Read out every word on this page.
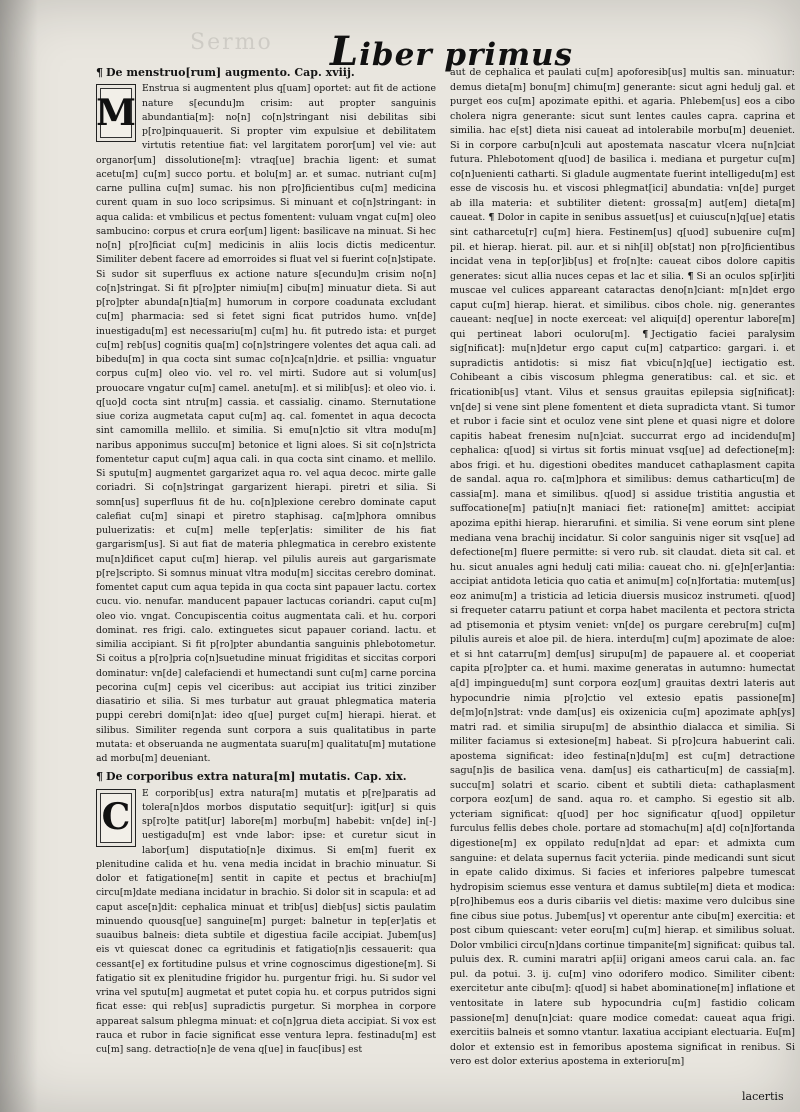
Sermo	Liber primus
¶ De menstruo[rum] augmento. Cap. xviij.
M

Enstrua si augmentent plus q[uam] oportet: aut fit de actione nature s[ecundu]m crisim: aut propter sanguinis abundantia[m]: no[n] co[n]stringant nisi debilitas sibi p[ro]pinquauerit. Si propter vim expulsiue et debilitatem virtutis retentiue fiat: vel largitatem poror[um] vel vie: aut organor[um] dissolutione[m]: vtraq[ue] brachia ligent: et sumat acetu[m] cu[m] succo portu. et bolu[m] ar. et sumac. nutriant cu[m] carne pullina cu[m] sumac. his non p[ro]ficientibus cu[m] medicina curent quam in suo loco scripsimus. Si minuant et co[n]stringant: in aqua calida: et vmbilicus et pectus fomentent: vuluam vngat cu[m] oleo sambucino: corpus et crura eor[um] ligent: basilicave na minuat. Si hec no[n] p[ro]ficiat cu[m] medicinis in aliis locis dictis medicentur. Similiter debent facere ad emorroides si fluat vel si fuerint co[n]stipate. Si sudor sit superfluus ex actione nature s[ecundu]m crisim no[n] co[n]stringat. Si fit p[ro]pter nimiu[m] cibu[m] minuatur dieta. Si aut p[ro]pter abunda[n]tia[m] humorum in corpore coadunata excludant cu[m] pharmacia: sed si fetet signi ficat putridos humo. vn[de] inuestigadu[m] est necessariu[m] cu[m] hu. fit putredo ista: et purget cu[m] reb[us] cognitis qua[m] co[n]stringere volentes det aqua cali. ad bibedu[m] in qua cocta sint sumac co[n]ca[n]drie. et psillia: vnguatur corpus cu[m] oleo vio. vel ro. vel mirti. Sudore aut si volum[us] prouocare vngatur cu[m] camel. anetu[m]. et si milib[us]: et oleo vio. i. q[uo]d cocta sint ntru[m] cassia. et cassialig. cinamo. Sternutatione siue coriza augmetata caput cu[m] aq. cal. fomentet in aqua decocta sint camomilla mellilo. et similia. Si emu[n]ctio sit vltra modu[m] naribus apponimus succu[m] betonice et ligni aloes. Si sit co[n]stricta fomentetur caput cu[m] aqua cali. in qua cocta sint cinamo. et mellilo. Si sputu[m] augmentet gargarizet aqua ro. vel aqua decoc. mirte galle coriadri. Si co[n]stringat gargarizent hierapi. piretri et silia. Si somn[us] superfluus fit de hu. co[n]plexione cerebro dominate caput calefiat cu[m] sinapi et piretro staphisag. ca[m]phora omnibus puluerizatis: et cu[m] melle tep[er]atis: similiter de his fiat gargarism[us]. Si aut fiat de materia phlegmatica in cerebro existente mu[n]dificet caput cu[m] hierap. vel pilulis aureis aut gargarismate p[re]scripto. Si somnus minuat vltra modu[m] siccitas cerebro dominat. fomentet caput cum aqua tepida in qua cocta sint papauer lactu. cortex cucu. vio. nenufar. manducent papauer lactucas coriandri. caput cu[m] oleo vio. vngat. Concupiscentia coitus augmentata cali. et hu. corpori dominat. res frigi. calo. extinguetes sicut papauer coriand. lactu. et similia accipiant. Si fit p[ro]pter abundantia sanguinis phlebotometur. Si coitus a p[ro]pria co[n]suetudine minuat frigiditas et siccitas corpori dominatur: vn[de] calefaciendi et humectandi sunt cu[m] carne porcina pecorina cu[m] cepis vel ciceribus: aut accipiat ius tritici zinziber diasatirio et silia. Si mes turbatur aut grauat phlegmatica materia puppi cerebri domi[n]at: ideo q[ue] purget cu[m] hierapi. hierat. et silibus. Similiter regenda sunt corpora a suis qualitatibus in parte mutata: et obseruanda ne augmentata suaru[m] qualitatu[m] mutatione ad morbu[m] deueniant.

¶ De corporibus extra natura[m] mutatis. Cap. xix.
C

E corporib[us] extra natura[m] mutatis et p[re]paratis ad tolera[n]dos morbos disputatio sequit[ur]: igit[ur] si quis sp[ro]te patit[ur] labore[m] morbu[m] habebit: vn[de] in[-] uestigadu[m] est vnde labor: ipse: et curetur sicut in labor[um] disputatio[n]e diximus. Si em[m] fuerit ex plenitudine calida et hu. vena media incidat in brachio minuatur. Si dolor et fatigatione[m] sentit in capite et pectus et brachiu[m] circu[m]date mediana incidatur in brachio. Si dolor sit in scapula: et ad caput asce[n]dit: cephalica minuat et trib[us] dieb[us] sictis paulatim minuendo quousq[ue] sanguine[m] purget: balnetur in tep[er]atis et suauibus balneis: dieta subtile et digestiua facile accipiat. Jubem[us] eis vt quiescat donec ca egritudinis et fatigatio[n]is cessauerit: qua cessant[e] ex fortitudine pulsus et vrine cognoscimus digestione[m]. Si fatigatio sit ex plenitudine frigidor hu. purgentur frigi. hu. Si sudor vel vrina vel sputu[m] augmetat et putet copia hu. et corpus putridos signi ficat esse: qui reb[us] supradictis purgetur. Si morphea in corpore appareat salsum phlegma minuat: et co[n]grua dieta accipiat. Si vox est rauca et rubor in facie significat esse ventura lepra. festinadu[m] est cu[m] sang. detractio[n]e de vena q[ue] in fauc[ibus] est

aut de cephalica et paulati cu[m] apoforesib[us] multis san. minuatur: demus dieta[m] bonu[m] chimu[m] generante: sicut agni hedulj gal. et purget eos cu[m] apozimate epithi. et agaria. Phlebem[us] eos a cibo cholera nigra generante: sicut sunt lentes caules capra. caprina et similia. hac e[st] dieta nisi caueat ad intolerabile morbu[m] deueniet. Si in corpore carbu[n]culi aut apostemata nascatur vlcera nu[n]ciat futura. Phlebotoment q[uod] de basilica i. mediana et purgetur cu[m] co[n]uenienti catharti. Si gladule augmentate fuerint intelligedu[m] est esse de viscosis hu. et viscosi phlegmat[ici] abundatia: vn[de] purget ab illa materia: et subtiliter dietent: grossa[m] aut[em] dieta[m] caueat.

¶ Dolor in capite in senibus assuet[us] et cuiuscu[n]q[ue] etatis sint catharcetu[r] cu[m] hiera. Festinem[us] q[uod] subuenire cu[m] pil. et hierap. hierat. pil. aur. et si nih[il] ob[stat] non p[ro]ficientibus incidat vena in tep[or]ib[us] et fro[n]te: caueat cibos dolore capitis generates: sicut allia nuces cepas et lac et silia. ¶ Si an oculos sp[ir]iti muscae vel culices appareant cataractas deno[n]ciant: m[n]det ergo caput cu[m] hierap. hierat. et similibus. cibos chole. nig. generantes caueant: neq[ue] in nocte exerceat: vel aliqui[d] operentur labore[m] qui pertineat labori oculoru[m]. ¶ Jectigatio faciei paralysim sig[nificat]: mu[n]detur ergo caput cu[m] catpartico: gargari. i. et supradictis antidotis: si misz fiat vbicu[n]q[ue] iectigatio est. Cohibeant a cibis viscosum phlegma generatibus: cal. et sic. et fricationib[us] vtant. Vilus et sensus grauitas epilepsia sig[nificat]: vn[de] si vene sint plene fomentent et dieta supradicta vtant. Si tumor et rubor i facie sint et oculoz vene sint plene et quasi nigre et dolore capitis habeat frenesim nu[n]ciat. succurrat ergo ad incidendu[m] cephalica: q[uod] si virtus sit fortis minuat vsq[ue] ad defectione[m]: abos frigi. et hu. digestioni obedites manducet cathaplasment capita de sandal. aqua ro. ca[m]phora et similibus: demus catharticu[m] de cassia[m]. mana et similibus. q[uod] si assidue tristitia angustia et suffocatione[m] patiu[n]t maniaci fiet: ratione[m] amittet: accipiat apozima epithi hierap. hierarufini. et similia. Si vene eorum sint plene mediana vena brachij incidatur. Si color sanguinis niger sit vsq[ue] ad defectione[m] fluere permitte: si vero rub. sit claudat. dieta sit cal. et hu. sicut anuales agni hedulj cati milia: caueat cho. ni. g[e]n[er]antia: accipiat antidota leticia quo catia et animu[m] co[n]fortatia: mutem[us] eoz animu[m] a tristicia ad leticia diuersis musicoz instrumeti. q[uod] si frequeter catarru patiunt et corpa habet macilenta et pectora stricta ad ptisemonia et ptysim veniet: vn[de] os purgare cerebru[m] cu[m] pilulis aureis et aloe pil. de hiera. interdu[m] cu[m] apozimate de aloe: et si hnt catarru[m] dem[us] sirupu[m] de papauere al. et cooperiat capita p[ro]pter ca. et humi. maxime generatas in autumno: humectat a[d] impinguedu[m] sunt corpora eoz[um] grauitas dextri lateris aut hypocundrie nimia p[ro]ctio vel extesio epatis passione[m] de[m]o[n]strat: vnde dam[us] eis oxizenicia cu[m] apozimate aph[ys] matri rad. et similia sirupu[m] de absinthio dialacca et similia. Si militer faciamus si extesione[m] habeat. Si p[ro]cura habuerint cali. apostema significat: ideo festina[n]du[m] est cu[m] detractione sagu[n]is de basilica vena. dam[us] eis catharticu[m] de cassia[m]. succu[m] solatri et scario. cibent et subtili dieta: cathaplasment corpora eoz[um] de sand. aqua ro. et campho. Si egestio sit alb. ycteriam significat: q[uod] per hoc significatur q[uod] oppiletur furculus fellis debes chole. portare ad stomachu[m] a[d] co[n]fortanda digestione[m] ex oppilato redu[n]dat ad epar: et admixta cum sanguine: et delata supernus facit ycteriia. pinde medicandi sunt sicut in epate calido diximus. Si facies et inferiores palpebre tumescat hydropisim sciemus esse ventura et damus subtile[m] dieta et modica: p[ro]hibemus eos a duris cibariis vel dietis: maxime vero dulcibus sine fine cibus siue potus. Jubem[us] vt operentur ante cibu[m] exercitia: et post cibum quiescant: veter eoru[m] cu[m] hierap. et similibus soluat. Dolor vmbilici circu[n]dans cortinue timpanite[m] significat: quibus tal. puluis dex. R. cumini maratri ap[ii] origani ameos carui cala. an. fac pul. da potui. 3. ij. cu[m] vino odorifero modico. Similiter cibent: exercitetur ante cibu[m]: q[uod] si habet abominatione[m] inflatione et ventositate in latere sub hypocundria cu[m] fastidio colicam passione[m] denu[n]ciat: quare modice comedat: caueat aqua frigi. exercitiis balneis et somno vtantur. laxatiua accipiant electuaria. Eu[m] dolor et extensio est in femoribus apostema significat in renibus. Si vero est dolor exterius apostema in exterioru[m]
lacertis
